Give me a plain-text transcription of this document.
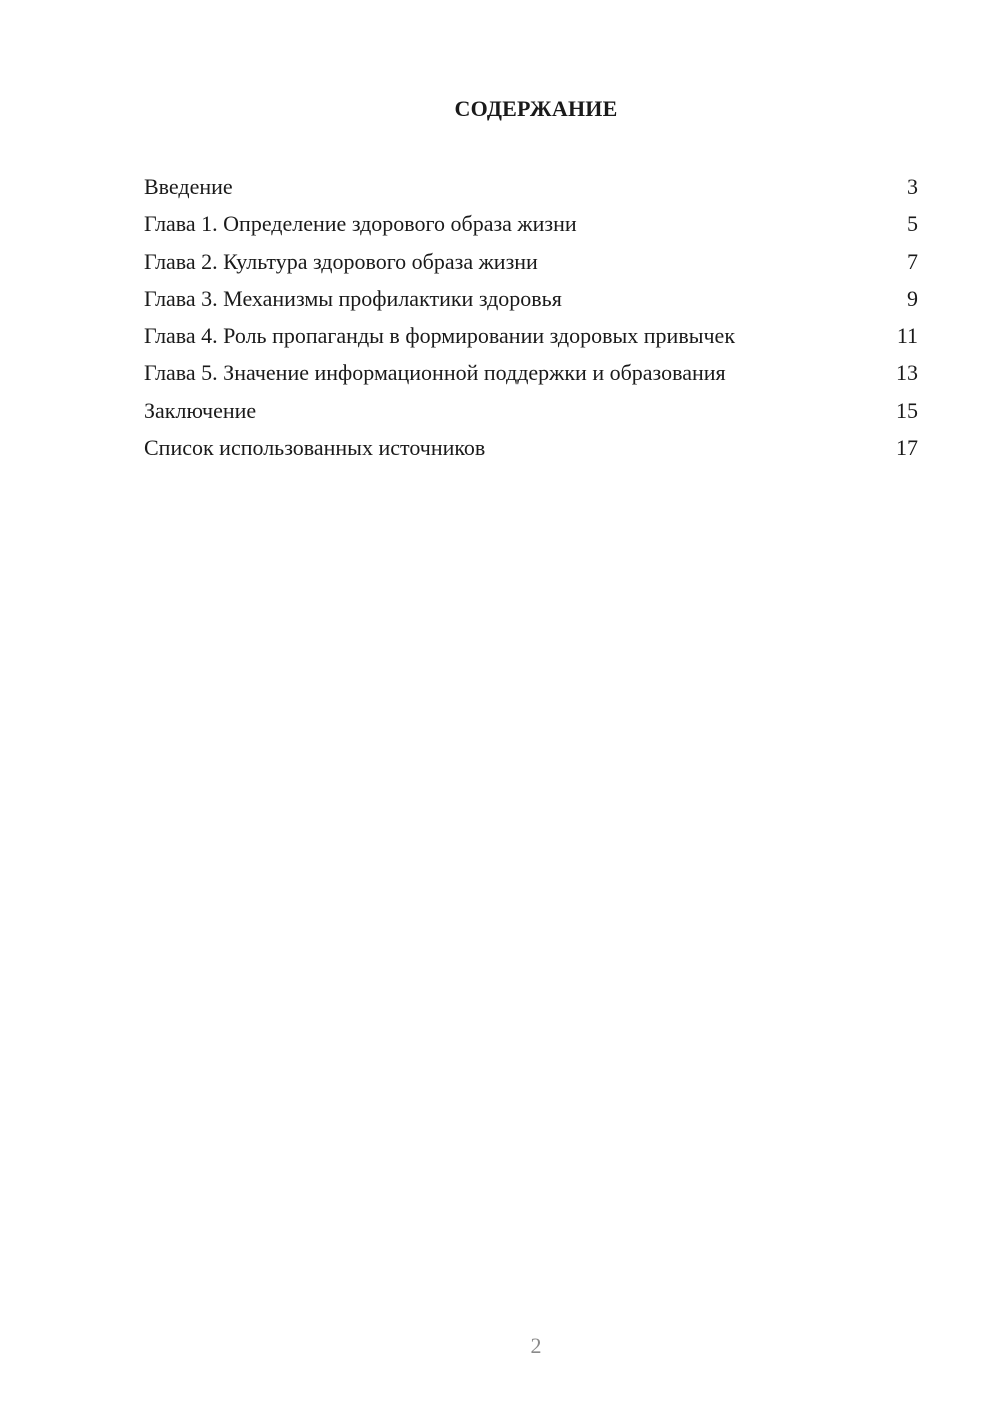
СОДЕРЖАНИЕ
Введение	3
Глава 1. Определение здорового образа жизни	5
Глава 2. Культура здорового образа жизни	7
Глава 3. Механизмы профилактики здоровья	9
Глава 4. Роль пропаганды в формировании здоровых привычек	11
Глава 5. Значение информационной поддержки и образования	13
Заключение	15
Список использованных источников	17
2
